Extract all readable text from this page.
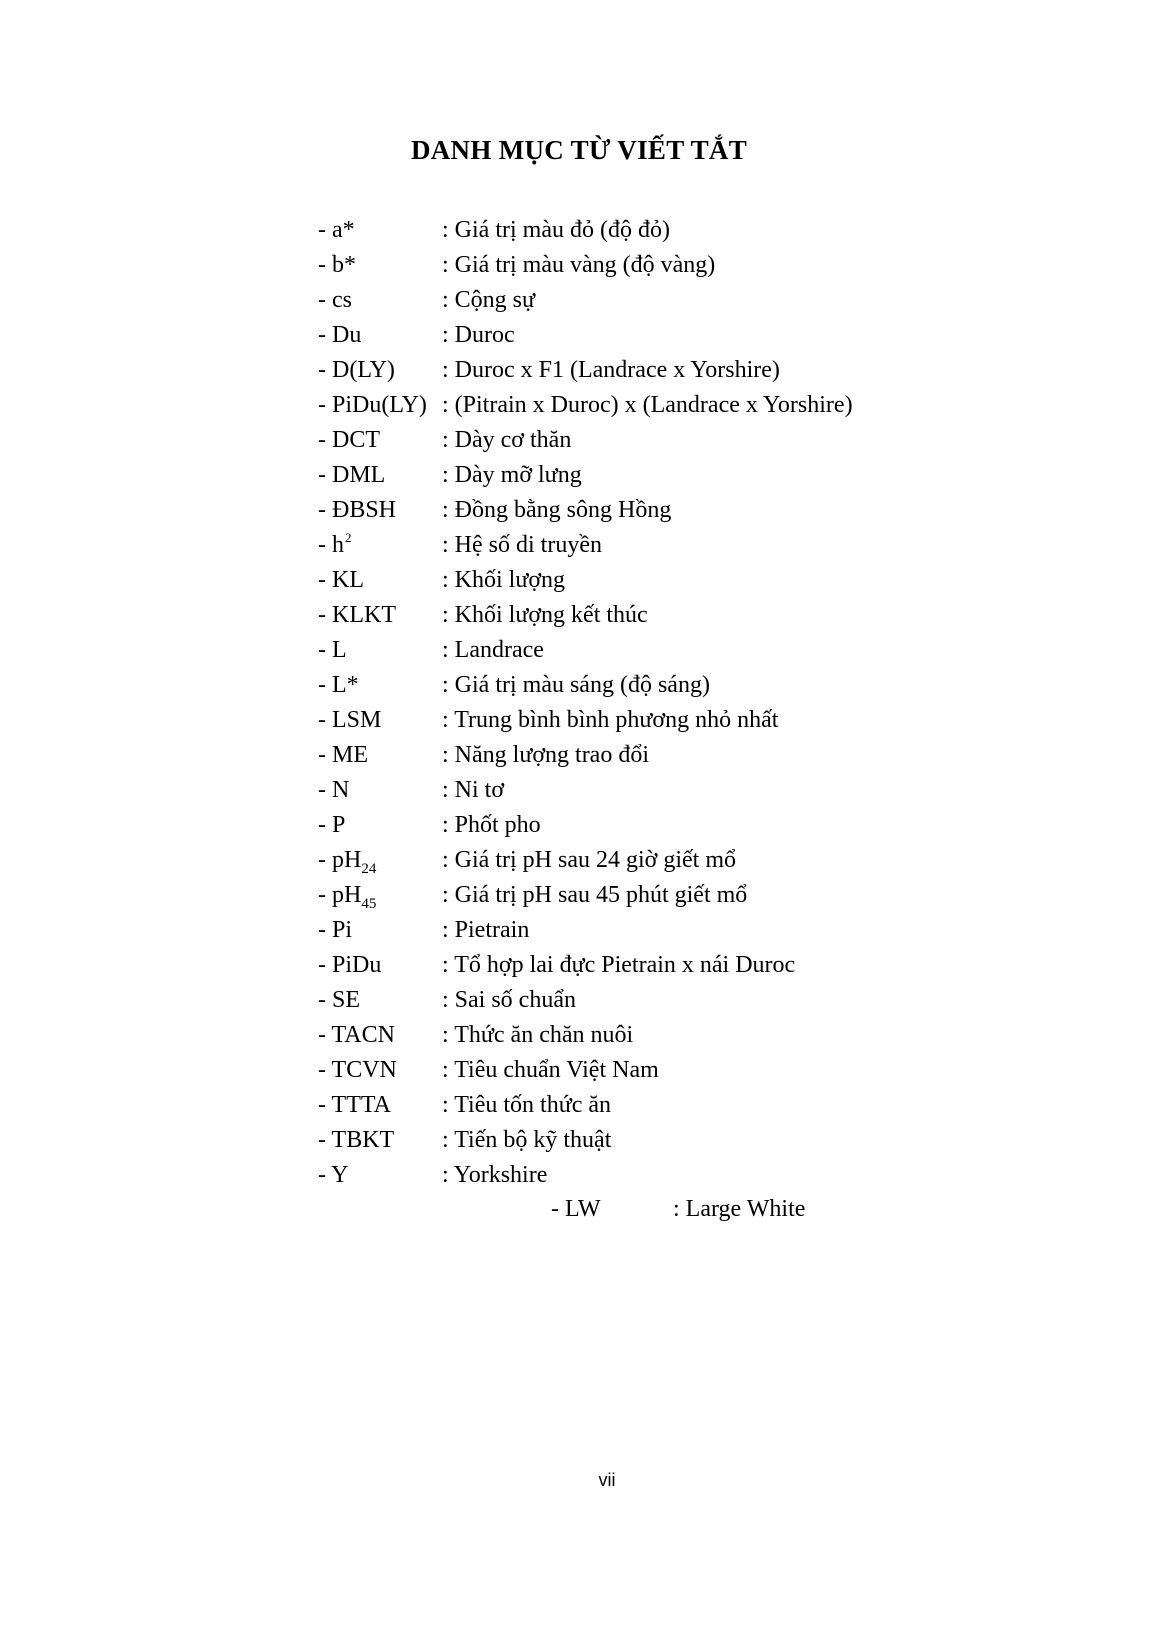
DANH MỤC TỪ VIẾT TẮT
- a*	: Giá trị màu đỏ (độ đỏ)
- b*	: Giá trị màu vàng (độ vàng)
- cs	: Cộng sự
- Du	: Duroc
- D(LY) : Duroc x F1 (Landrace x Yorshire)
- PiDu(LY) : (Pitrain x Duroc) x (Landrace x Yorshire)
- DCT	: Dày cơ thăn
- DML : Dày mỡ lưng
- ĐBSH : Đồng bằng sông Hồng
- $h^2$	: Hệ số di truyền
- KL	: Khối lượng
- KLKT : Khối lượng kết thúc
- L	: Landrace
- L*	: Giá trị màu sáng (độ sáng)
- LSM	: Trung bình bình phương nhỏ nhất
- ME	: Năng lượng trao đổi
- N	: Ni tơ
- P	: Phốt pho
- $pH_{24}$	: Giá trị pH sau 24 giờ giết mổ
- $pH_{45}$	: Giá trị pH sau 45 phút giết mổ
- Pi	: Pietrain
- PiDu	: Tổ hợp lai đực Pietrain x nái Duroc
- SE	: Sai số chuẩn
- TACN : Thức ăn chăn nuôi
- TCVN : Tiêu chuẩn Việt Nam
- TTTA : Tiêu tốn thức ăn
- TBKT : Tiến bộ kỹ thuật
- Y	: Yorkshire
- LW	: Large White
vii
